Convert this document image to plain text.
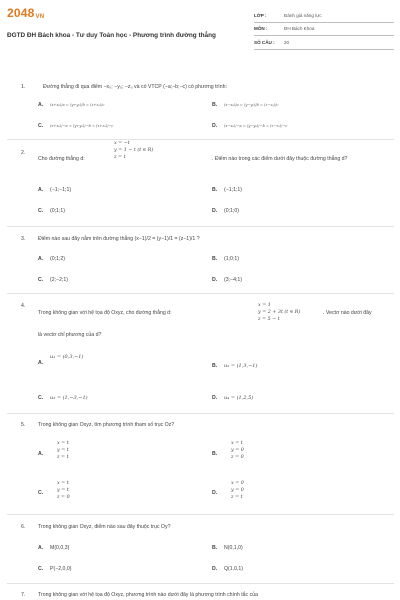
2048VN
ĐGTD ĐH Bách khoa - Tư duy Toán học - Phương trình đường thẳng
LỚP :	Đánh giá năng lực
MÔN :	ĐH Bách Khoa
SỐ CÂU :	20
1.	Đường thẳng đi qua điểm −x₀; −y₀; −z₀ và có VTCP (−a;−b;−c) có phương trình:
A. (x+x₀)/a = (y+y₀)/b = (z+z₀)/c	B. (x−x₀)/a = (y−y₀)/b = (z−z₀)/c
C. (x+x₀)/−a = (y+y₀)/−b = (z+z₀)/−c	D. (x−x₀)/−a = (y−y₀)/−b = (z−z₀)/−c
2.
x = −t
y = 1 − t (t ∈ R)
z = t
Cho đường thẳng d:	. Điểm nào trong các điểm dưới đây thuộc đường thẳng d?
A. (−1;−1;1)	B. (−1;1;1)
C. (0;1;1)	D. (0;1;0)
3. Điểm nào sau đây nằm trên đường thẳng (x−1)/2 = (y−1)/1 = (z−1)/1 ?
A. (0;1;2)	B. (1;0;1)
C. (2;−2;1)	D. (3;−4;1)
4.	x = 1
y = 2 + 3t (t ∈ R)
z = 5 − t
Trong không gian với hệ tọa độ Oxyz, cho đường thẳng d:	. Vectơ nào dưới đây
là vectơ chỉ phương của d?
A.u₁ = (0,3,−1)
B. u₂ = (1,3,−1)
C. u₃ = (1,−3,−1)	D. u₄ = (1,2,5)
5. Trong không gian Oxyz, tìm phương trình tham số trục Oz?
A.
x = t
y = t
z = t
B.
x = t
y = 0
z = 0
C.
x = t
y = t
z = 0
D.
x = 0
y = 0
z = t
6. Trong không gian Oxyz, điểm nào sau đây thuộc trục Oy?
A. M(0,0,3)	B. N(0,1,0)
C. P(−2,0,0)	D. Q(1,0,1)
7. Trong không gian với hệ tọa độ Oxyz, phương trình nào dưới đây là phương trình chính tắc của
